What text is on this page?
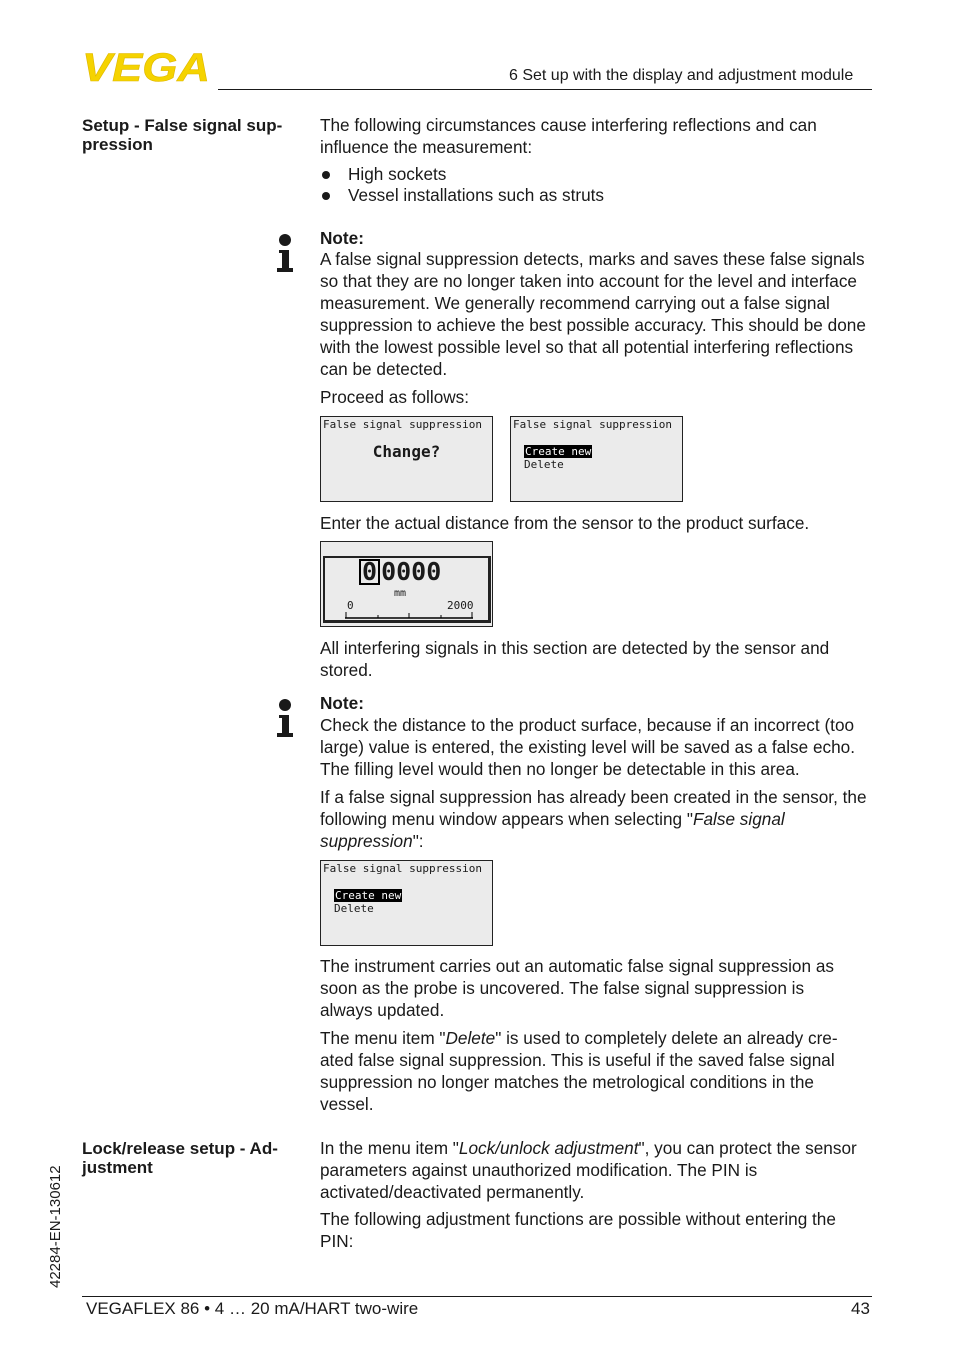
VEGA	6 Set up with the display and adjustment module
Setup - False signal sup- pression
The following circumstances cause interfering reflections and can influence the measurement:
High sockets
Vessel installations such as struts
Note:
A false signal suppression detects, marks and saves these false signals so that they are no longer taken into account for the level and interface measurement. We generally recommend carrying out a false signal suppression to achieve the best possible accuracy. This should be done with the lowest possible level so that all potential interfering reflections can be detected.
Proceed as follows:
False signal suppression
Change?
False signal suppression
Create new
Delete
Enter the actual distance from the sensor to the product surface.
0 0000
mm
0	2000
All interfering signals in this section are detected by the sensor and stored.
Note:
Check the distance to the product surface, because if an incorrect (too large) value is entered, the existing level will be saved as a false echo. The filling level would then no longer be detectable in this area.
If a false signal suppression has already been created in the sensor, the following menu window appears when selecting "False signal suppression":
False signal suppression
Create new
Delete
The instrument carries out an automatic false signal suppression as soon as the probe is uncovered. The false signal suppression is always updated.
The menu item "Delete" is used to completely delete an already cre- ated false signal suppression. This is useful if the saved false signal suppression no longer matches the metrological conditions in the vessel.
Lock/release setup - Ad- justment
In the menu item "Lock/unlock adjustment", you can protect the sensor parameters against unauthorized modification. The PIN is activated/deactivated permanently.
The following adjustment functions are possible without entering the PIN:
42284-EN-130612
VEGAFLEX 86 • 4 … 20 mA/HART two-wire	43
